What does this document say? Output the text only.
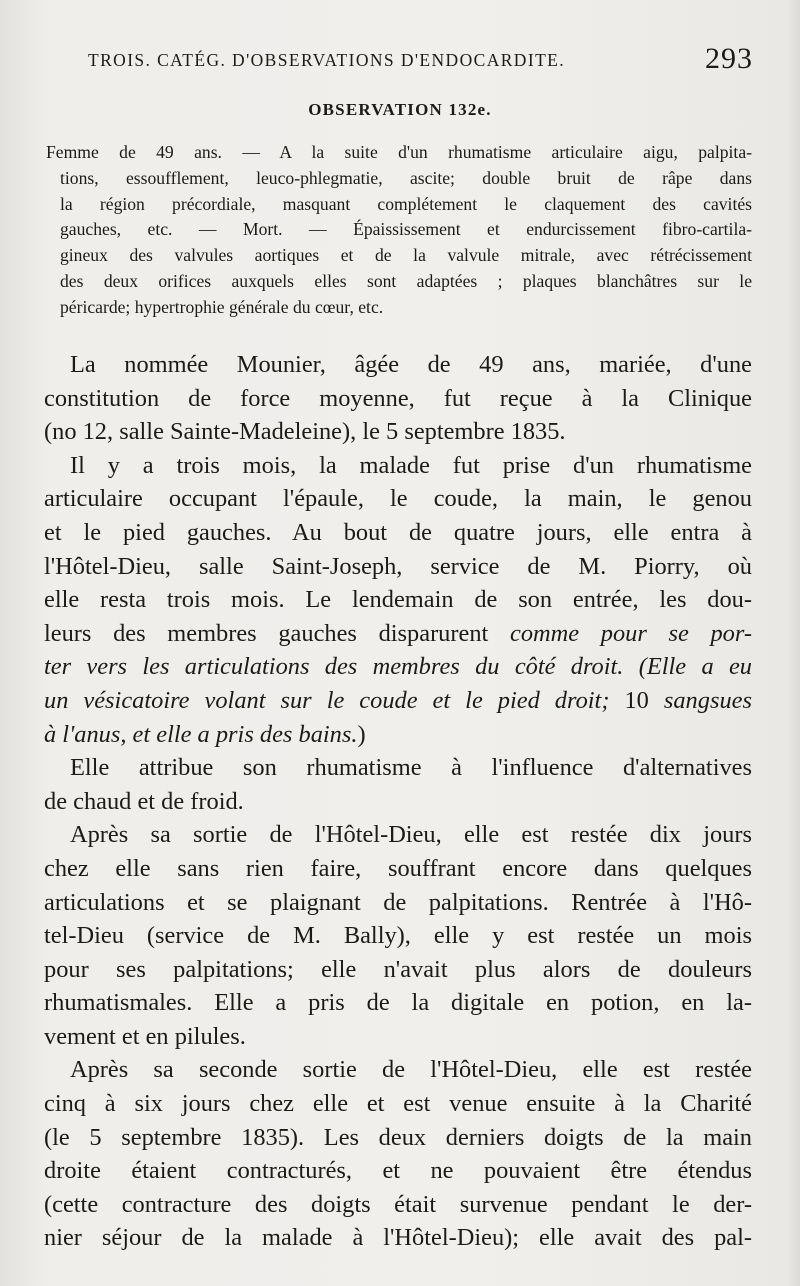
TROIS. CATÉG. D'OBSERVATIONS D'ENDOCARDITE.	293
OBSERVATION 132e.
Femme de 49 ans. — A la suite d'un rhumatisme articulaire aigu, palpita-
tions, essoufflement, leuco-phlegmatie, ascite; double bruit de râpe dans
la région précordiale, masquant complétement le claquement des cavités
gauches, etc. — Mort. — Épaississement et endurcissement fibro-cartila-
gineux des valvules aortiques et de la valvule mitrale, avec rétrécissement
des deux orifices auxquels elles sont adaptées ; plaques blanchâtres sur le
péricarde; hypertrophie générale du cœur, etc.
La nommée Mounier, âgée de 49 ans, mariée, d'une
constitution de force moyenne, fut reçue à la Clinique
(no 12, salle Sainte-Madeleine), le 5 septembre 1835.
Il y a trois mois, la malade fut prise d'un rhumatisme
articulaire occupant l'épaule, le coude, la main, le genou
et le pied gauches. Au bout de quatre jours, elle entra à
l'Hôtel-Dieu, salle Saint-Joseph, service de M. Piorry, où
elle resta trois mois. Le lendemain de son entrée, les dou-
leurs des membres gauches disparurent comme pour se por-
ter vers les articulations des membres du côté droit. (Elle a eu
un vésicatoire volant sur le coude et le pied droit; 10 sangsues
à l'anus, et elle a pris des bains.)
Elle attribue son rhumatisme à l'influence d'alternatives
de chaud et de froid.
Après sa sortie de l'Hôtel-Dieu, elle est restée dix jours
chez elle sans rien faire, souffrant encore dans quelques
articulations et se plaignant de palpitations. Rentrée à l'Hô-
tel-Dieu (service de M. Bally), elle y est restée un mois
pour ses palpitations; elle n'avait plus alors de douleurs
rhumatismales. Elle a pris de la digitale en potion, en la-
vement et en pilules.
Après sa seconde sortie de l'Hôtel-Dieu, elle est restée
cinq à six jours chez elle et est venue ensuite à la Charité
(le 5 septembre 1835). Les deux derniers doigts de la main
droite étaient contracturés, et ne pouvaient être étendus
(cette contracture des doigts était survenue pendant le der-
nier séjour de la malade à l'Hôtel-Dieu); elle avait des pal-
